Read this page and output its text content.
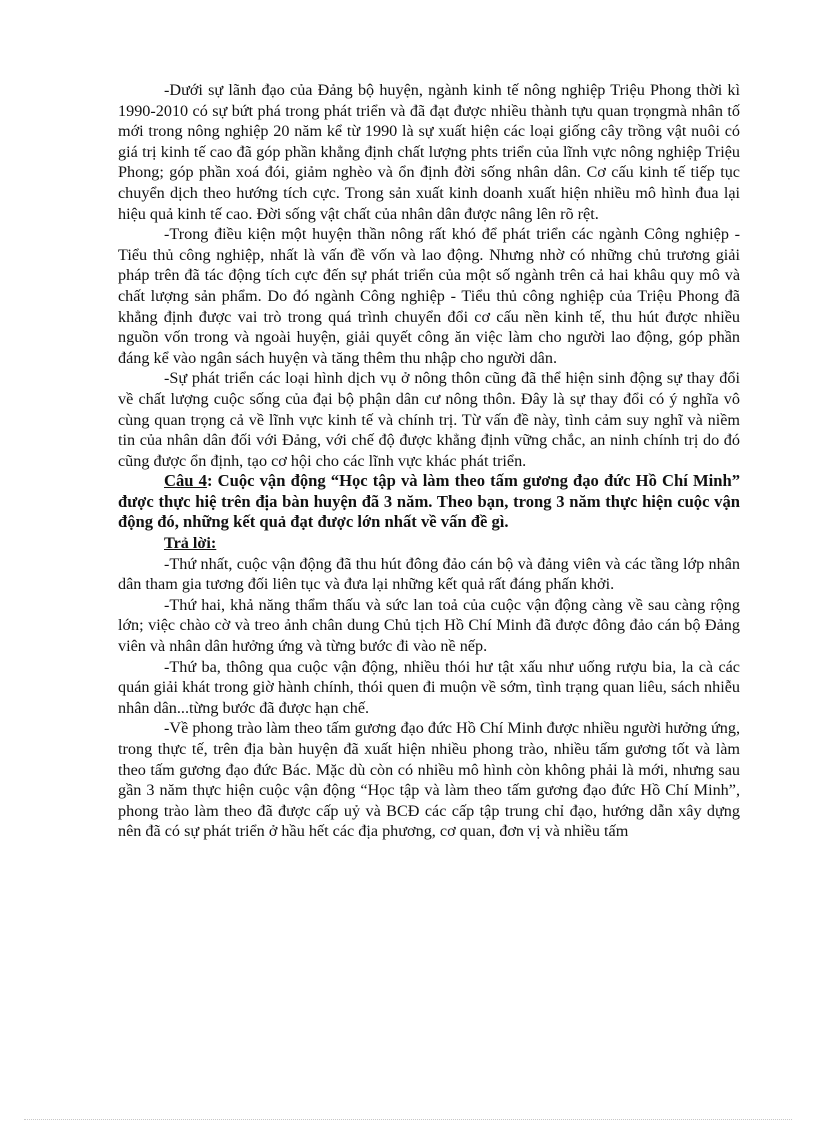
-Dưới sự lãnh đạo của Đảng bộ huyện, ngành kinh tế nông nghiệp Triệu Phong thời kì 1990-2010 có sự bứt phá trong phát triển và đã đạt được nhiều thành tựu quan trọngmà nhân tố mới trong nông nghiệp 20 năm kể từ 1990 là sự xuất hiện các loại giống cây trồng vật nuôi có giá trị kinh tế cao đã góp phần khẳng định chất lượng phts triển của lĩnh vực nông nghiệp Triệu Phong; góp phần xoá đói, giảm nghèo và ổn định đời sống nhân dân. Cơ cấu kinh tế tiếp tục chuyển dịch theo hướng tích cực. Trong sản xuất kinh doanh xuất hiện nhiều mô hình đua lại hiệu quả kinh tế cao. Đời sống vật chất của nhân dân được nâng lên rõ rệt.

-Trong điều kiện một huyện thần nông rất khó để phát triển các ngành Công nghiệp - Tiểu thủ công nghiệp, nhất là vấn đề vốn và lao động. Nhưng nhờ có những chủ trương giải pháp trên đã tác động tích cực đến sự phát triển của một số ngành trên cả hai khâu quy mô và chất lượng sản phẩm. Do đó ngành Công nghiệp - Tiểu thủ công nghiệp của Triệu Phong đã khẳng định được vai trò trong quá trình chuyển đổi cơ cấu nền kinh tế, thu hút được nhiều nguồn vốn trong và ngoài huyện, giải quyết công ăn việc làm cho người lao động, góp phần đáng kể vào ngân sách huyện và tăng thêm thu nhập cho người dân.

-Sự phát triển các loại hình dịch vụ ở nông thôn cũng đã thể hiện sinh động sự thay đổi về chất lượng cuộc sống của đại bộ phận dân cư nông thôn. Đây là sự thay đổi có ý nghĩa vô cùng quan trọng cả về lĩnh vực kinh tế và chính trị. Từ vấn đề này, tình cảm suy nghĩ và niềm tin của nhân dân đối với Đảng, với chế độ được khẳng định vững chắc, an ninh chính trị do đó cũng được ổn định, tạo cơ hội cho các lĩnh vực khác phát triển.

Câu 4: Cuộc vận động “Học tập và làm theo tấm gương đạo đức Hồ Chí Minh” được thực hiệ trên địa bàn huyện đã 3 năm. Theo bạn, trong 3 năm thực hiện cuộc vận động đó, những kết quả đạt được lớn nhất về vấn đề gì.

Trả lời:

-Thứ nhất, cuộc vận động đã thu hút đông đảo cán bộ và đảng viên và các tầng lớp nhân dân tham gia tương đối liên tục và đưa lại những kết quả rất đáng phấn khởi.

-Thứ hai, khả năng thẩm thấu và sức lan toả của cuộc vận động càng về sau càng rộng lớn; việc chào cờ và treo ảnh chân dung Chủ tịch Hồ Chí Minh đã được đông đảo cán bộ Đảng viên và nhân dân hưởng ứng và từng bước đi vào nề nếp.

-Thứ ba, thông qua cuộc vận động, nhiều thói hư tật xấu như uống rượu bia, la cà các quán giải khát trong giờ hành chính, thói quen đi muộn về sớm, tình trạng quan liêu, sách nhiễu nhân dân...từng bước đã được hạn chế.

-Về phong trào làm theo tấm gương đạo đức Hồ Chí Minh được nhiều người hưởng ứng, trong thực tế, trên địa bàn huyện đã xuất hiện nhiều phong trào, nhiều tấm gương tốt và làm theo tấm gương đạo đức Bác. Mặc dù còn có nhiều mô hình còn không phải là mới, nhưng sau gần 3 năm thực hiện cuộc vận động “Học tập và làm theo tấm gương đạo đức Hồ Chí Minh”, phong trào làm theo đã được cấp uỷ và BCĐ các cấp tập trung chỉ đạo, hướng dẫn xây dựng nên đã có sự phát triển ở hầu hết các địa phương, cơ quan, đơn vị và nhiều tấm
